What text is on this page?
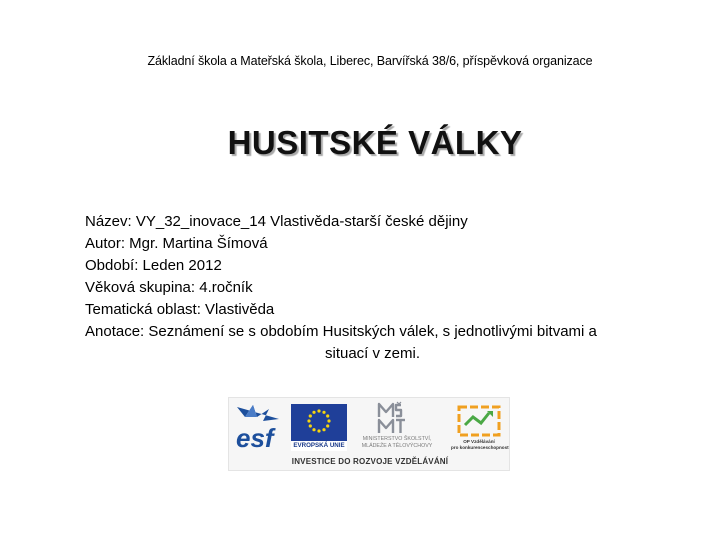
Základní škola a Mateřská škola, Liberec, Barvířská 38/6, příspěvková organizace
HUSITSKÉ VÁLKY
Název: VY_32_inovace_14 Vlastivěda-starší české dějiny
Autor: Mgr. Martina Šímová
Období: Leden 2012
Věková skupina: 4.ročník
Tematická oblast: Vlastivěda
Anotace: Seznámení se s obdobím Husitských válek, s jednotlivými bitvami a
situací v zemi.
esf	EVROPSKÁ UNIE
MINISTERSTVO ŠKOLSTVÍ,
MLÁDEŽE A TĚLOVÝCHOVY
OP Vzdělávání
pro konkurenceschopnost
INVESTICE DO ROZVOJE VZDĚLÁVÁNÍ
